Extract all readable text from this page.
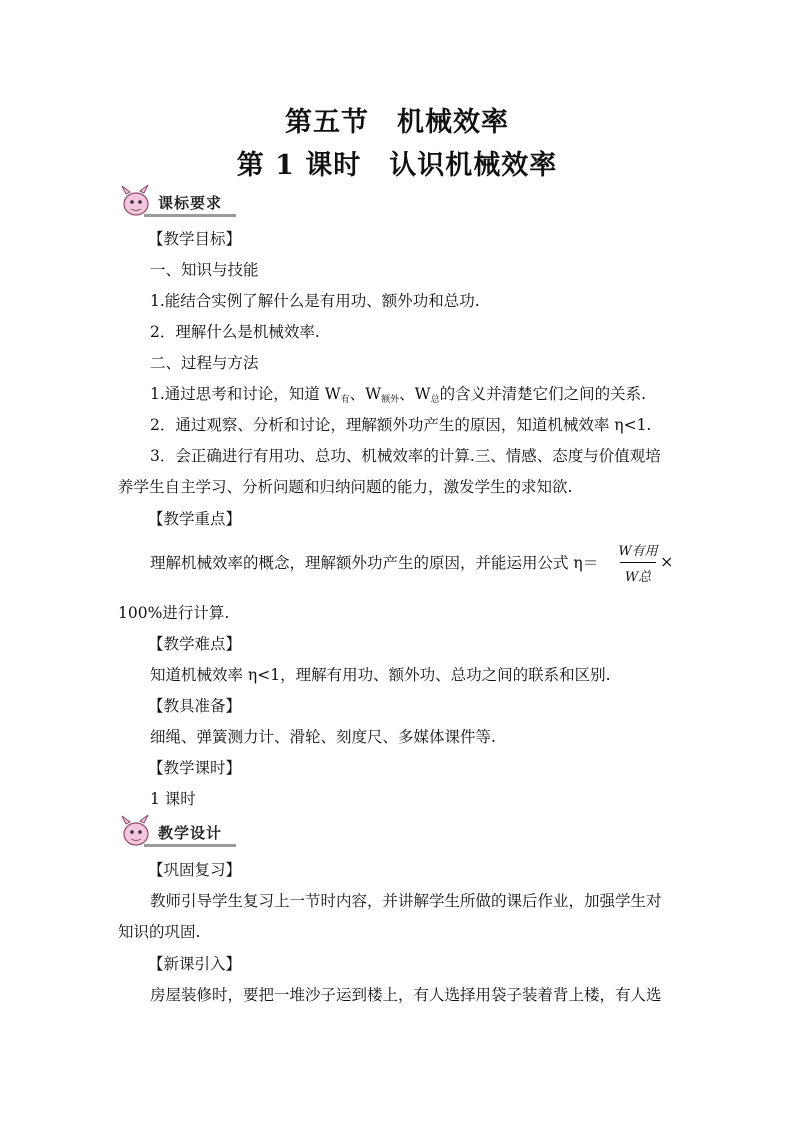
第五节　机械效率
第 1 课时　认识机械效率
课标要求
【教学目标】
一、知识与技能
1.能结合实例了解什么是有用功、额外功和总功.
2．理解什么是机械效率.
二、过程与方法
1.通过思考和讨论，知道 $W_有$、$W_{额外}$、$W_总$的含义并清楚它们之间的关系.
2．通过观察、分析和讨论，理解额外功产生的原因，知道机械效率 η<1.
3．会正确进行有用功、总功、机械效率的计算.三、情感、态度与价值观培
养学生自主学习、分析问题和归纳问题的能力，激发学生的求知欲.
【教学重点】
理解机械效率的概念，理解额外功产生的原因，并能运用公式 η＝
W有用
W总
×
100%进行计算.
【教学难点】
知道机械效率 η<1，理解有用功、额外功、总功之间的联系和区别.
【教具准备】
细绳、弹簧测力计、滑轮、刻度尺、多媒体课件等.
【教学课时】
1 课时
教学设计
【巩固复习】
教师引导学生复习上一节时内容，并讲解学生所做的课后作业，加强学生对
知识的巩固.
【新课引入】
房屋装修时，要把一堆沙子运到楼上，有人选择用袋子装着背上楼，有人选
